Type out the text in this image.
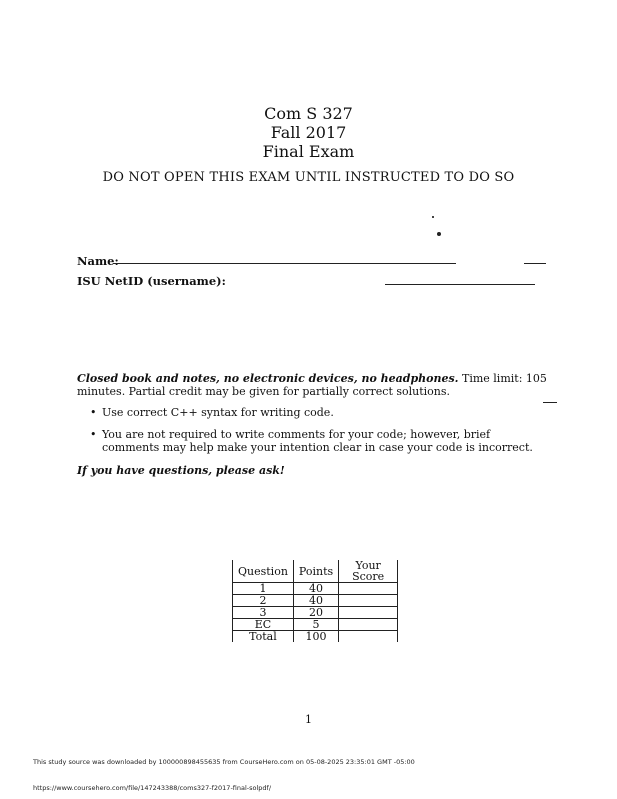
Com S 327
Fall 2017
Final Exam
DO NOT OPEN THIS EXAM UNTIL INSTRUCTED TO DO SO
Name:
ISU NetID (username):
Closed book and notes, no electronic devices, no headphones. Time limit: 105 minutes. Partial credit may be given for partially correct solutions.
• Use correct C++ syntax for writing code.
• You are not required to write comments for your code; however, brief comments may help make your intention clear in case your code is incorrect.
If you have questions, please ask!
Question	Points	Your Score
1	40	
2	40	
3	20	
EC	5	
Total	100	
1
This study source was downloaded by 100000898455635 from CourseHero.com on 05-08-2025 23:35:01 GMT -05:00
https://www.coursehero.com/file/147243388/coms327-f2017-final-solpdf/
